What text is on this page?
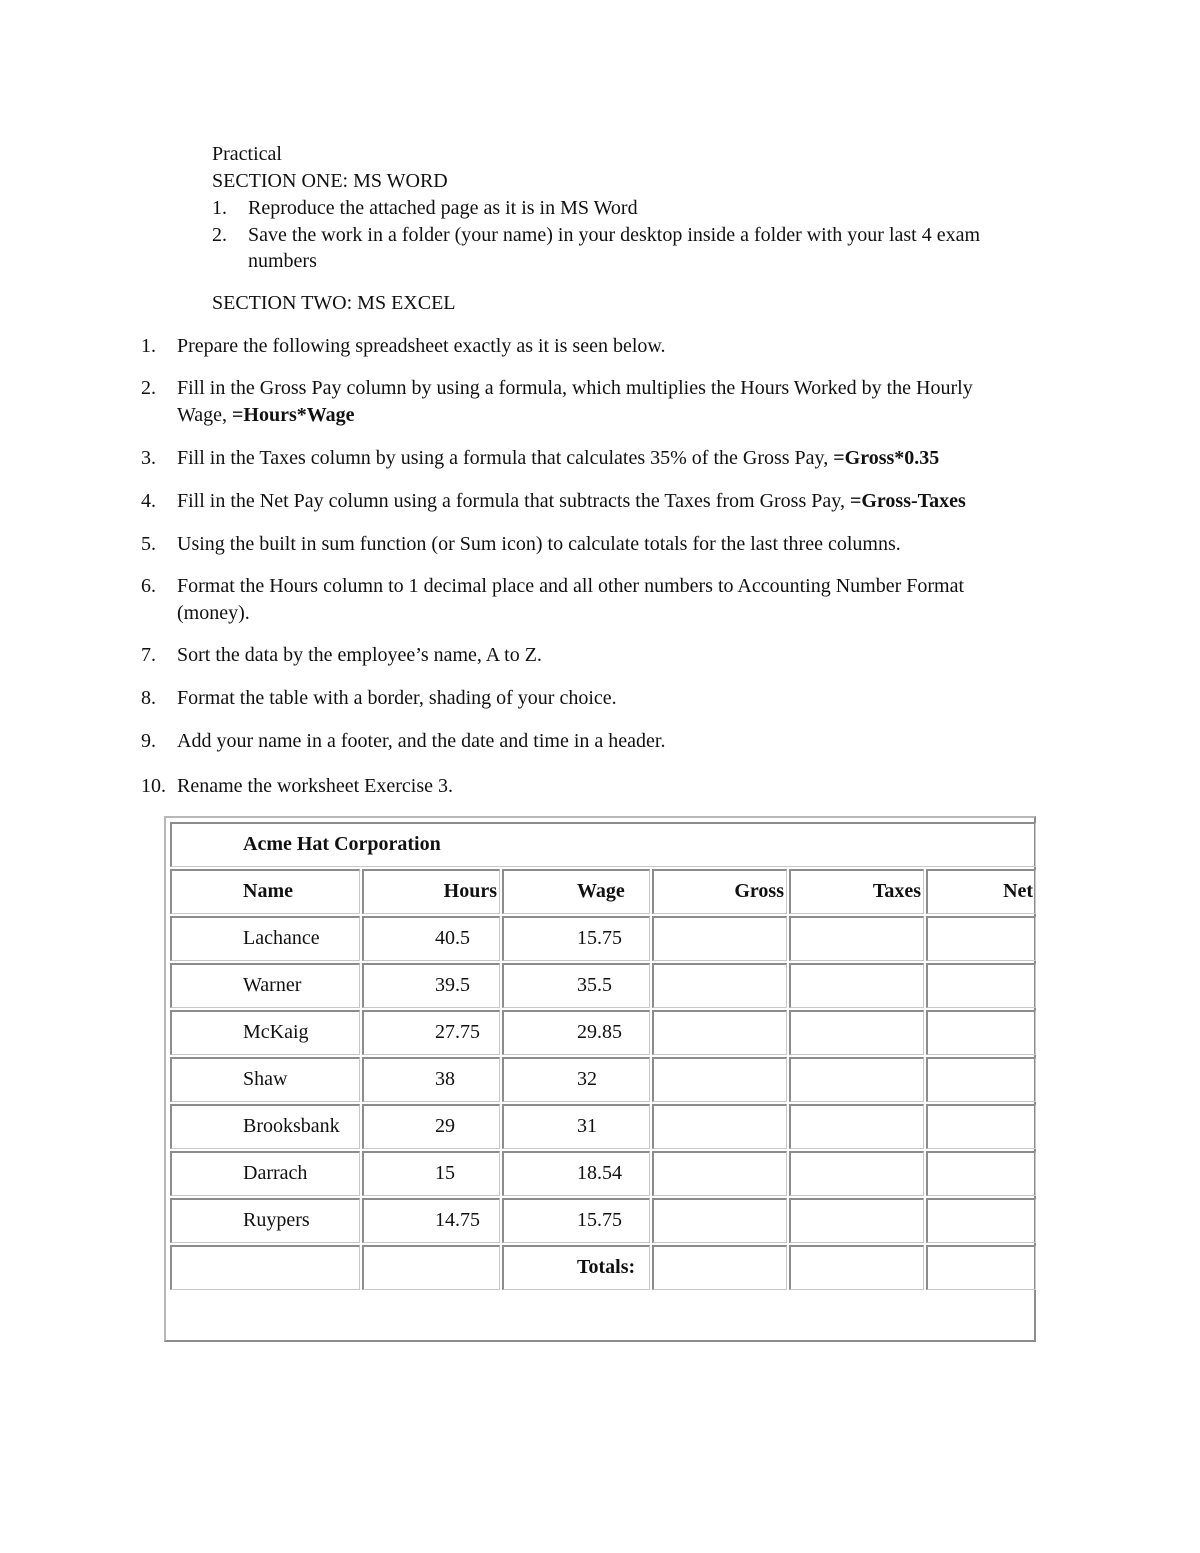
Practical
SECTION ONE: MS WORD
1. Reproduce the attached page as it is in MS Word
2. Save the work in a folder (your name) in your desktop inside a folder with your last 4 exam
numbers
SECTION TWO: MS EXCEL
1. Prepare the following spreadsheet exactly as it is seen below.
2. Fill in the Gross Pay column by using a formula, which multiplies the Hours Worked by the Hourly
Wage, =Hours*Wage
3. Fill in the Taxes column by using a formula that calculates 35% of the Gross Pay, =Gross*0.35
4. Fill in the Net Pay column using a formula that subtracts the Taxes from Gross Pay, =Gross-Taxes
5. Using the built in sum function (or Sum icon) to calculate totals for the last three columns.
6. Format the Hours column to 1 decimal place and all other numbers to Accounting Number Format
(money).
7. Sort the data by the employee’s name, A to Z.
8. Format the table with a border, shading of your choice.
9. Add your name in a footer, and the date and time in a header.
10. Rename the worksheet Exercise 3.
Acme Hat Corporation					

Name	Hours	Wage	Gross	Taxes	Net

Lachance	40.5	15.75			

Warner	39.5	35.5			

McKaig	27.75	29.85			

Shaw	38	32			

Brooksbank	29	31			

Darrach	15	18.54			

Ruypers	14.75	15.75			

		Totals:			
